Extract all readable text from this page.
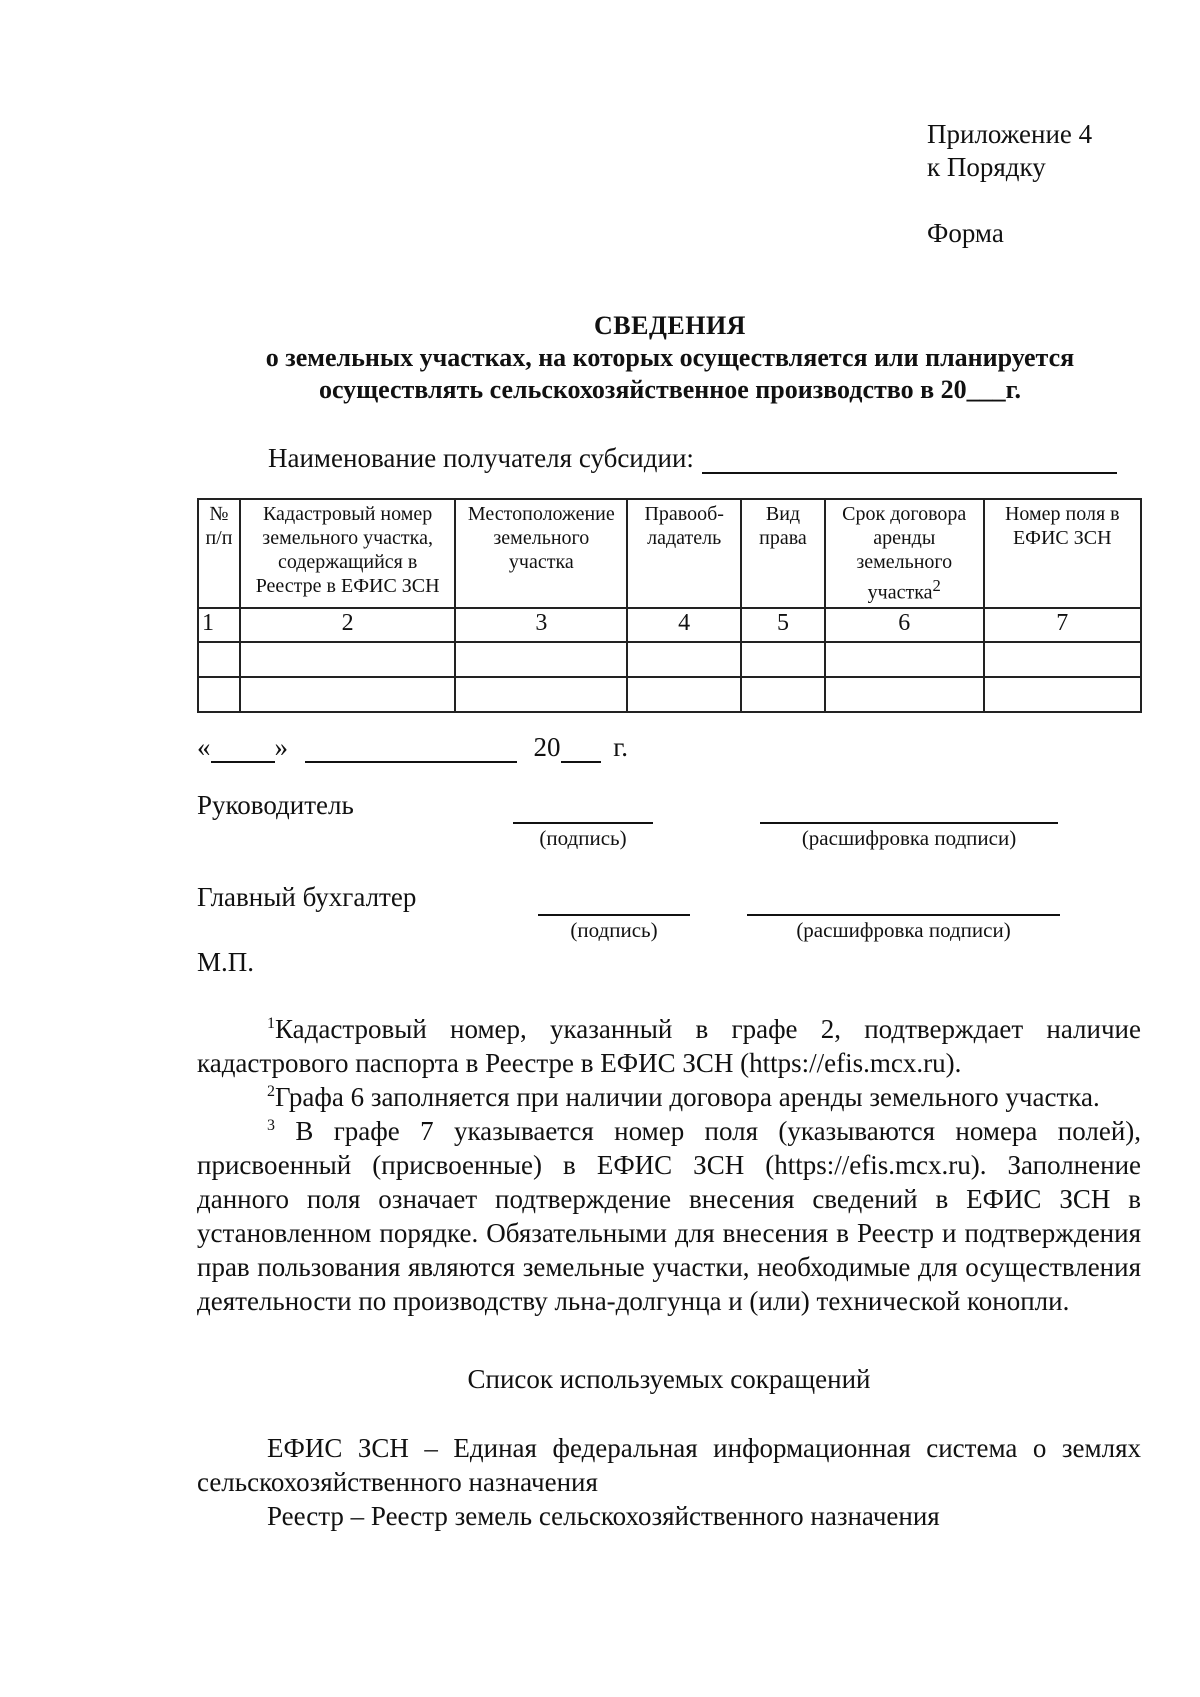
Приложение 4
к Порядку
Форма
СВЕДЕНИЯ
о земельных участках, на которых осуществляется или планируется
осуществлять сельскохозяйственное производство в 20___г.
Наименование получателя субсидии:
№ п/п	Кадастровый номер земельного участка, содержащийся в Реестре в ЕФИС ЗСН	Местоположение земельного участка	Правооб-ладатель	Вид права	Срок договора аренды земельного участка$^2$	Номер поля в ЕФИС ЗСН
1	2	3	4	5	6	7

« »	20 г.
Руководитель
(подпись)	(расшифровка подписи)
Главный бухгалтер
(подпись)	(расшифровка подписи)
М.П.
$^1$Кадастровый номер, указанный в графе 2, подтверждает наличие кадастрового паспорта в Реестре в ЕФИС ЗСН (https://efis.mcx.ru).
$^2$Графа 6 заполняется при наличии договора аренды земельного участка.
$^3$ В графе 7 указывается номер поля (указываются номера полей), присвоенный (присвоенные) в ЕФИС ЗСН (https://efis.mcx.ru). Заполнение данного поля означает подтверждение внесения сведений в ЕФИС ЗСН в установленном порядке. Обязательными для внесения в Реестр и подтверждения прав пользования являются земельные участки, необходимые для осуществления деятельности по производству льна-долгунца и (или) технической конопли.
Список используемых сокращений
ЕФИС ЗСН – Единая федеральная информационная система о землях сельскохозяйственного назначения
Реестр – Реестр земель сельскохозяйственного назначения
